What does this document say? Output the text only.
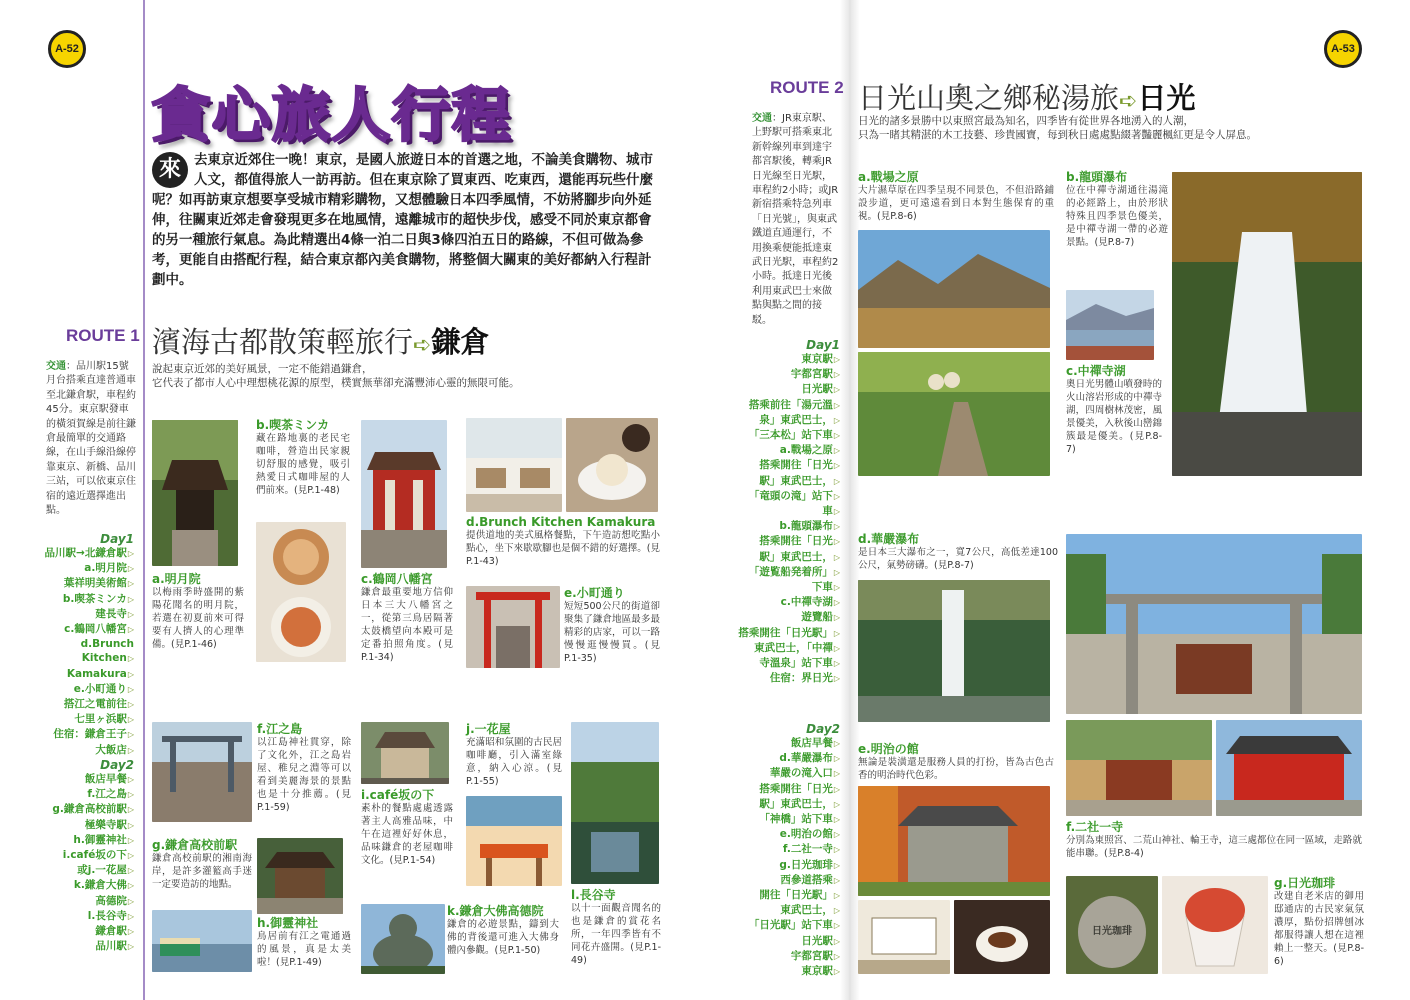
A-52
貪心旅人行程
來 去東京近郊住一晚！東京，是國人旅遊日本的首選之地，不論美食購物、城市人文，都值得旅人一訪再訪。但在東京除了買東西、吃東西，還能再玩些什麼呢？如再訪東京想要享受城市精彩購物，又想體驗日本四季風情，不妨將腳步向外延伸，往關東近郊走會發現更多在地風情，遠離城市的超快步伐，感受不同於東京都會的另一種旅行氣息。為此精選出4條一泊二日與3條四泊五日的路線，不但可做為參考，更能自由搭配行程，結合東京都內美食購物，將整個大關東的美好都納入行程計劃中。
ROUTE 1 濱海古都散策輕旅行➪鎌倉
說起東京近郊的美好風景，一定不能錯過鎌倉，
它代表了都市人心中理想桃花源的原型，樸實無華卻充滿豐沛心靈的無限可能。
交通：品川駅15號月台搭乘直達普通車至北鎌倉駅，車程約45分。東京駅發車的橫須賀線是前往鎌倉最簡單的交通路線，在山手線沿線停靠東京、新橋、品川三站，可以依東京住宿的遠近選擇進出點。
Day1
品川駅→北鎌倉駅 ▷
a.明月院 ▷
葉祥明美術館 ▷
b.喫茶ミンカ ▷
建長寺 ▷
c.鶴岡八幡宮 ▷
d.Brunch Kitchen ▷
Kamakura ▷
e.小町通り ▷
搭江之電前往 ▷
七里ヶ浜駅 ▷
住宿：鎌倉王子 ▷
大飯店 ▷
Day2
飯店早餐 ▷
f.江之島 ▷
g.鎌倉高校前駅 ▷
極樂寺駅 ▷
h.御靈神社 ▷
i.café坂の下 ▷
或j.一花屋 ▷
k.鎌倉大佛 ▷
高德院 ▷
l.長谷寺 ▷
鎌倉駅 ▷
品川駅 ▷
a.明月院
以梅雨季時盛開的紫陽花聞名的明月院，若選在初夏前來可得要有人擠人的心理準備。(見P.1-46)
b.喫茶ミンカ
藏在路地裏的老民宅咖啡，營造出民家親切舒服的感覺，吸引熱愛日式咖啡屋的人們前來。(見P.1-48)
c.鶴岡八幡宮
鎌倉最重要地方信仰日本三大八幡宮之一，從第三鳥居隔著太鼓橋望向本殿可是定番拍照角度。(見P.1-34)
d.Brunch Kitchen Kamakura
提供道地的美式風格餐點，下午造訪想吃點小點心，坐下來歇歇腳也是個不錯的好選擇。(見P.1-43)
e.小町通り
短短500公尺的街道卻聚集了鎌倉地區最多最精彩的店家，可以一路慢慢逛慢慢買。(見P.1-35)
f.江之島
以江島神社貫穿，除了文化外，江之島岩屋、稚兒之淵等可以看到美麗海景的景點也是十分推薦。(見P.1-59)
g.鎌倉高校前駅
鎌倉高校前駅的湘南海岸，是許多灌籃高手迷一定要造訪的地點。
h.御靈神社
鳥居前有江之電通過的風景，真是太美啦！(見P.1-49)
i.café坂の下
素朴的餐點處處透露著主人高雅品味，中午在這裡好好休息，品味鎌倉的老屋咖啡文化。(見P.1-54)
j.一花屋
充滿昭和氛圍的古民居咖啡廳，引入滿室綠意，納入心涼。(見P.1-55)
k.鎌倉大佛高德院
鎌倉的必遊景點，鑄到大佛的背後還可進入大佛身體內參觀。(見P.1-50)
l.長谷寺
以十一面觀音聞名的也是鎌倉的賞花名所，一年四季皆有不同花卉盛開。(見P.1-49)
A-53
ROUTE 2 日光山奧之鄉秘湯旅➪日光
日光的諸多景勝中以東照宮最為知名，四季皆有從世界各地湧入的人潮，
只為一睹其精湛的木工技藝、珍貴國寶，每到秋日處處點綴著豔麗楓紅更是令人屏息。
交通：JR東京駅、上野駅可搭乘東北新幹線列車到達宇都宮駅後，轉乘JR日光線至日光駅，車程約2小時；或JR新宿搭乘特急列車「日光號」，與東武鐵道直通運行，不用換乘便能抵達東武日光駅，車程約2小時。抵達日光後利用東武巴士來做點與點之間的接駁。
Day1
東京駅 ▷
宇都宮駅 ▷
日光駅 ▷
搭乘前往「湯元溫 ▷
泉」東武巴士， ▷
「三本松」站下車 ▷
a.戰場之原 ▷
搭乘開往「日光 ▷
駅」東武巴士， ▷
「竜頭の滝」站下 ▷
車 ▷
b.龍頭瀑布 ▷
搭乘開往「日光 ▷
駅」東武巴士， ▷
「遊覧船発着所」 ▷
下車 ▷
c.中禪寺湖 ▷
遊覽船 ▷
搭乘開往「日光駅」 ▷
東武巴士，「中禪 ▷
寺溫泉」站下車 ▷
住宿：界日光 ▷
Day2
飯店早餐 ▷
d.華嚴瀑布 ▷
華嚴の滝入口 ▷
搭乘開往「日光 ▷
駅」東武巴士， ▷
「神橋」站下車 ▷
e.明治の館 ▷
f.二社一寺 ▷
g.日光珈琲 ▷
西參道搭乘 ▷
開往「日光駅」 ▷
東武巴士， ▷
「日光駅」站下車 ▷
日光駅 ▷
宇都宮駅 ▷
東京駅 ▷
a.戰場之原
大片濕草原在四季呈現不同景色，不但沿路鋪設步道，更可遠遠看到日本對生態保育的重視。(見P.8-6)
b.龍頭瀑布
位在中禪寺湖通往湯滝的必經路上，由於形狀特殊且四季景色優美，是中禪寺湖一帶的必遊景點。(見P.8-7)
c.中禪寺湖
奧日光男體山噴發時的火山溶岩形成的中禪寺湖，四周樹林茂密，風景優美，入秋後山巒錦簇最是優美。(見P.8-7)
d.華嚴瀑布
是日本三大瀑布之一，寬7公尺，高低差達100公尺，氣勢磅礴。(見P.8-7)
e.明治の館
無論是裝潢還是服務人員的打扮，皆為古色古香的明治時代色彩。
f.二社一寺
分別為東照宮、二荒山神社、輪王寺，這三處都位在同一區域，走路就能串聯。(見P.8-4)
日光珈琲
g.日光珈琲
改建自老米店的御用邸通店的古民家氣氛濃厚，點份招牌刨冰都服得讓人想在這裡賴上一整天。(見P.8-6)
